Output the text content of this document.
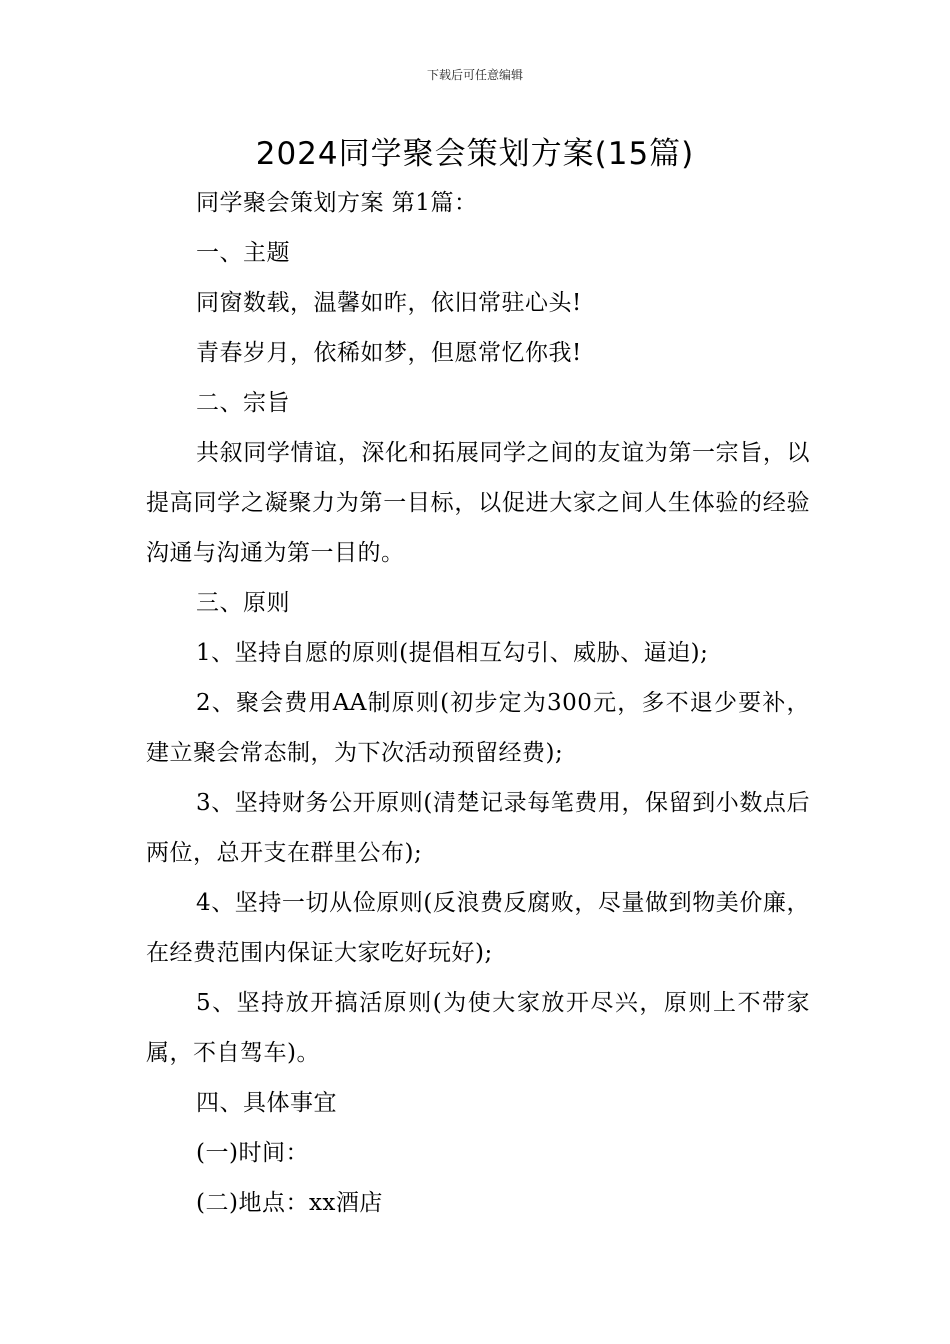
下载后可任意编辑
2024同学聚会策划方案(15篇)

同学聚会策划方案 第1篇：

一、主题

同窗数载，温馨如昨，依旧常驻心头!

青春岁月，依稀如梦，但愿常忆你我!

二、宗旨

共叙同学情谊，深化和拓展同学之间的友谊为第一宗旨，以提高同学之凝聚力为第一目标，以促进大家之间人生体验的经验沟通与沟通为第一目的。

三、原则

1、坚持自愿的原则(提倡相互勾引、威胁、逼迫);

2、聚会费用AA制原则(初步定为300元，多不退少要补，建立聚会常态制，为下次活动预留经费);

3、坚持财务公开原则(清楚记录每笔费用，保留到小数点后两位，总开支在群里公布);

4、坚持一切从俭原则(反浪费反腐败，尽量做到物美价廉，在经费范围内保证大家吃好玩好);

5、坚持放开搞活原则(为使大家放开尽兴，原则上不带家属，不自驾车)。

四、具体事宜

(一)时间：

(二)地点：xx酒店
